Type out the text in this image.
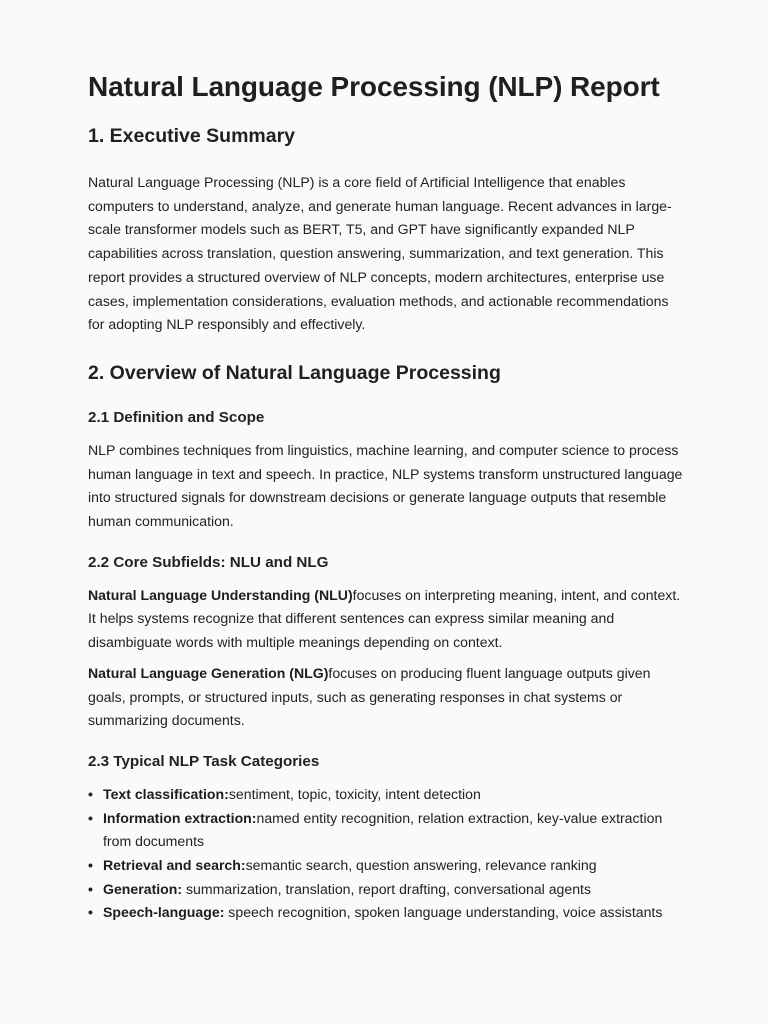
Natural Language Processing (NLP) Report
1. Executive Summary

Natural Language Processing (NLP) is a core field of Artificial Intelligence that enables computers to understand, analyze, and generate human language. Recent advances in large-scale transformer models such as BERT, T5, and GPT have significantly expanded NLP capabilities across translation, question answering, summarization, and text generation. This report provides a structured overview of NLP concepts, modern architectures, enterprise use cases, implementation considerations, evaluation methods, and actionable recommendations for adopting NLP responsibly and effectively.

2. Overview of Natural Language Processing
2.1 Definition and Scope

NLP combines techniques from linguistics, machine learning, and computer science to process human language in text and speech. In practice, NLP systems transform unstructured language into structured signals for downstream decisions or generate language outputs that resemble human communication.

2.2 Core Subfields: NLU and NLG

Natural Language Understanding (NLU)focuses on interpreting meaning, intent, and context. It helps systems recognize that different sentences can express similar meaning and disambiguate words with multiple meanings depending on context.

Natural Language Generation (NLG)focuses on producing fluent language outputs given goals, prompts, or structured inputs, such as generating responses in chat systems or summarizing documents.

2.3 Typical NLP Task Categories
• Text classification:sentiment, topic, toxicity, intent detection
• Information extraction:named entity recognition, relation extraction, key-value extraction from documents
• Retrieval and search:semantic search, question answering, relevance ranking
• Generation: summarization, translation, report drafting, conversational agents
• Speech-language: speech recognition, spoken language understanding, voice assistants
